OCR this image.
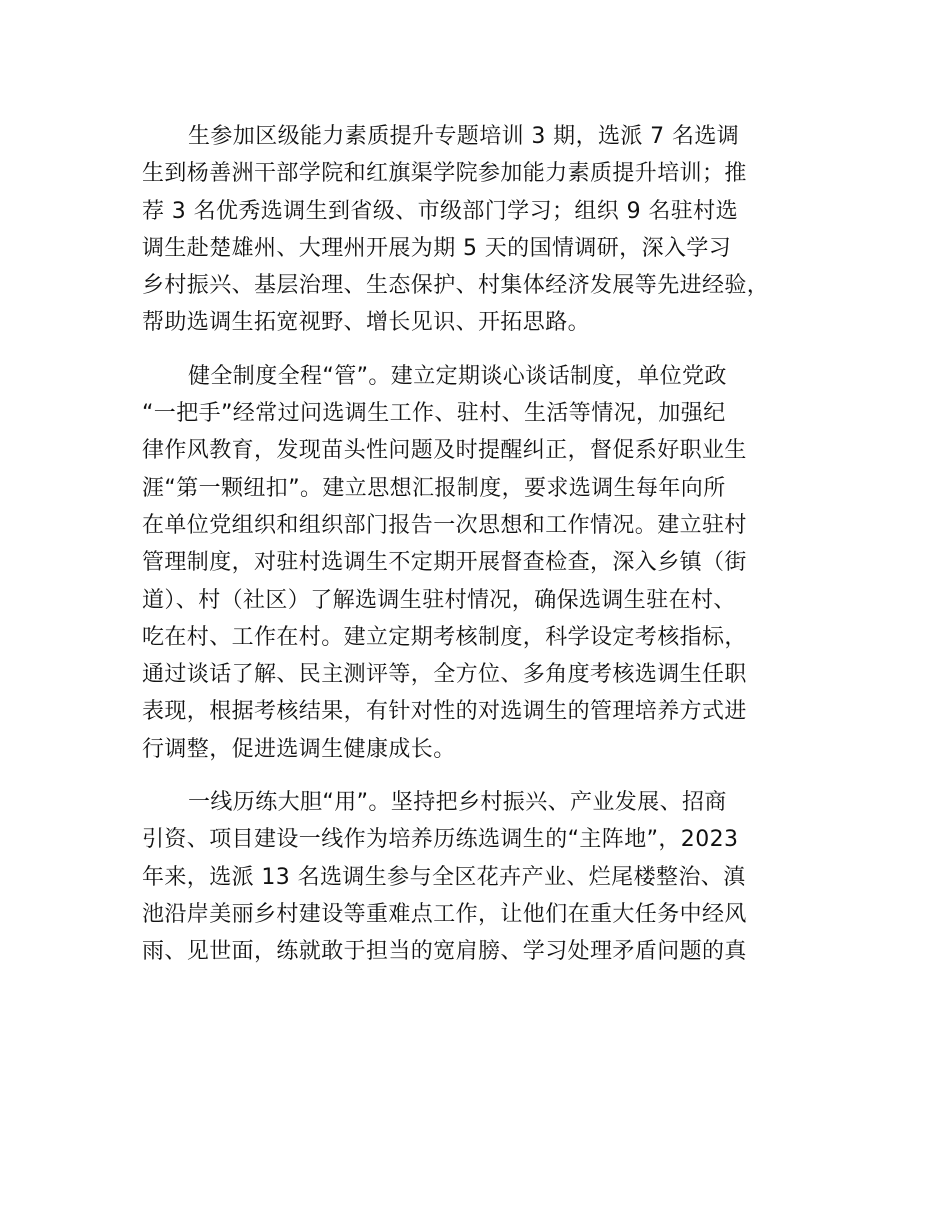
生参加区级能力素质提升专题培训 3 期，选派 7 名选调
生到杨善洲干部学院和红旗渠学院参加能力素质提升培训；推
荐 3 名优秀选调生到省级、市级部门学习；组织 9 名驻村选
调生赴楚雄州、大理州开展为期 5 天的国情调研，深入学习
乡村振兴、基层治理、生态保护、村集体经济发展等先进经验，
帮助选调生拓宽视野、增长见识、开拓思路。
健全制度全程“管”。建立定期谈心谈话制度，单位党政
“一把手”经常过问选调生工作、驻村、生活等情况，加强纪
律作风教育，发现苗头性问题及时提醒纠正，督促系好职业生
涯“第一颗纽扣”。建立思想汇报制度，要求选调生每年向所
在单位党组织和组织部门报告一次思想和工作情况。建立驻村
管理制度，对驻村选调生不定期开展督查检查，深入乡镇（街
道）、村（社区）了解选调生驻村情况，确保选调生驻在村、
吃在村、工作在村。建立定期考核制度，科学设定考核指标，
通过谈话了解、民主测评等，全方位、多角度考核选调生任职
表现，根据考核结果，有针对性的对选调生的管理培养方式进
行调整，促进选调生健康成长。
一线历练大胆“用”。坚持把乡村振兴、产业发展、招商
引资、项目建设一线作为培养历练选调生的“主阵地”，2023
年来，选派 13 名选调生参与全区花卉产业、烂尾楼整治、滇
池沿岸美丽乡村建设等重难点工作，让他们在重大任务中经风
雨、见世面，练就敢于担当的宽肩膀、学习处理矛盾问题的真
